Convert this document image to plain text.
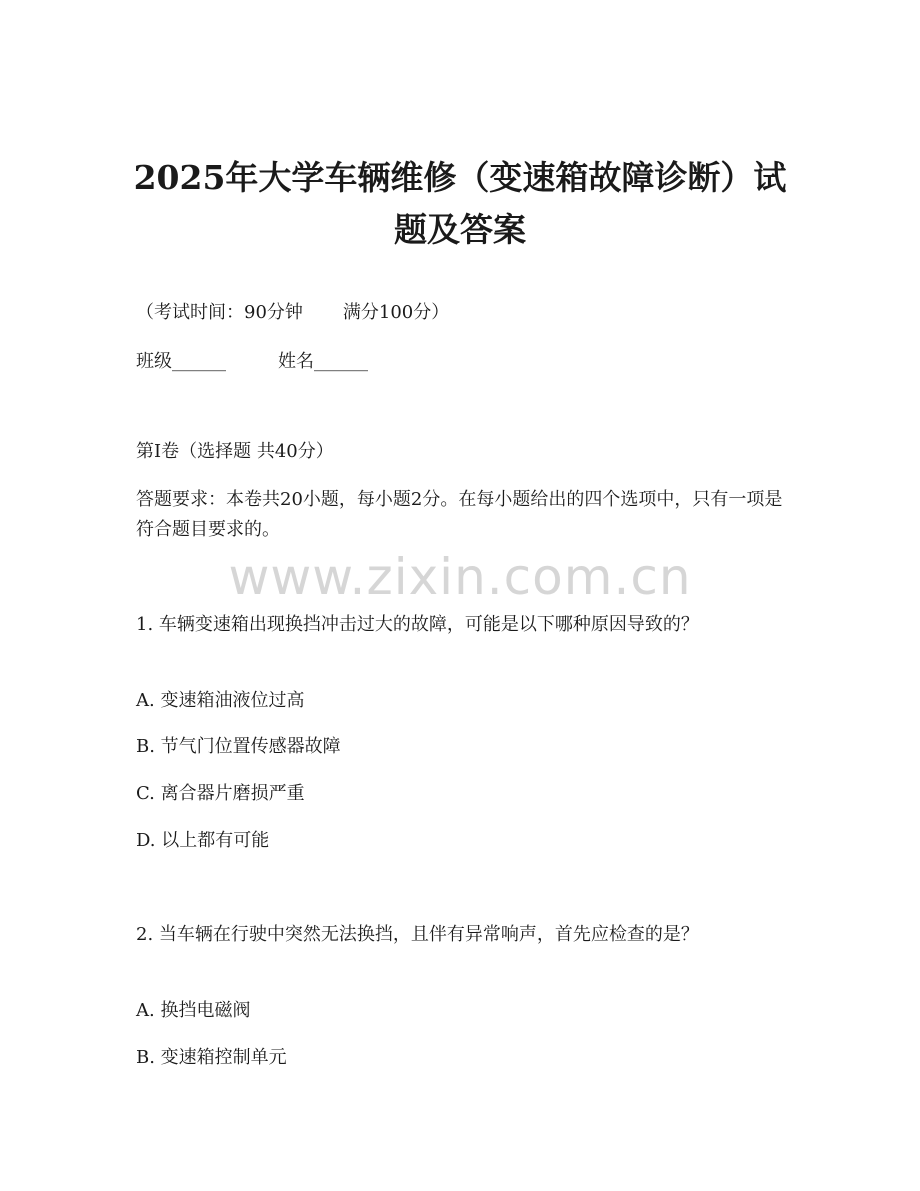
2025年大学车辆维修（变速箱故障诊断）试
题及答案
（考试时间：90分钟 满分100分）
班级______	姓名______
第Ⅰ卷（选择题 共40分）
答题要求：本卷共20小题，每小题2分。在每小题给出的四个选项中，只有一项是符合题目要求的。
www.zixin.com.cn
1. 车辆变速箱出现换挡冲击过大的故障，可能是以下哪种原因导致的？
A. 变速箱油液位过高
B. 节气门位置传感器故障
C. 离合器片磨损严重
D. 以上都有可能
2. 当车辆在行驶中突然无法换挡，且伴有异常响声，首先应检查的是？
A. 换挡电磁阀
B. 变速箱控制单元
